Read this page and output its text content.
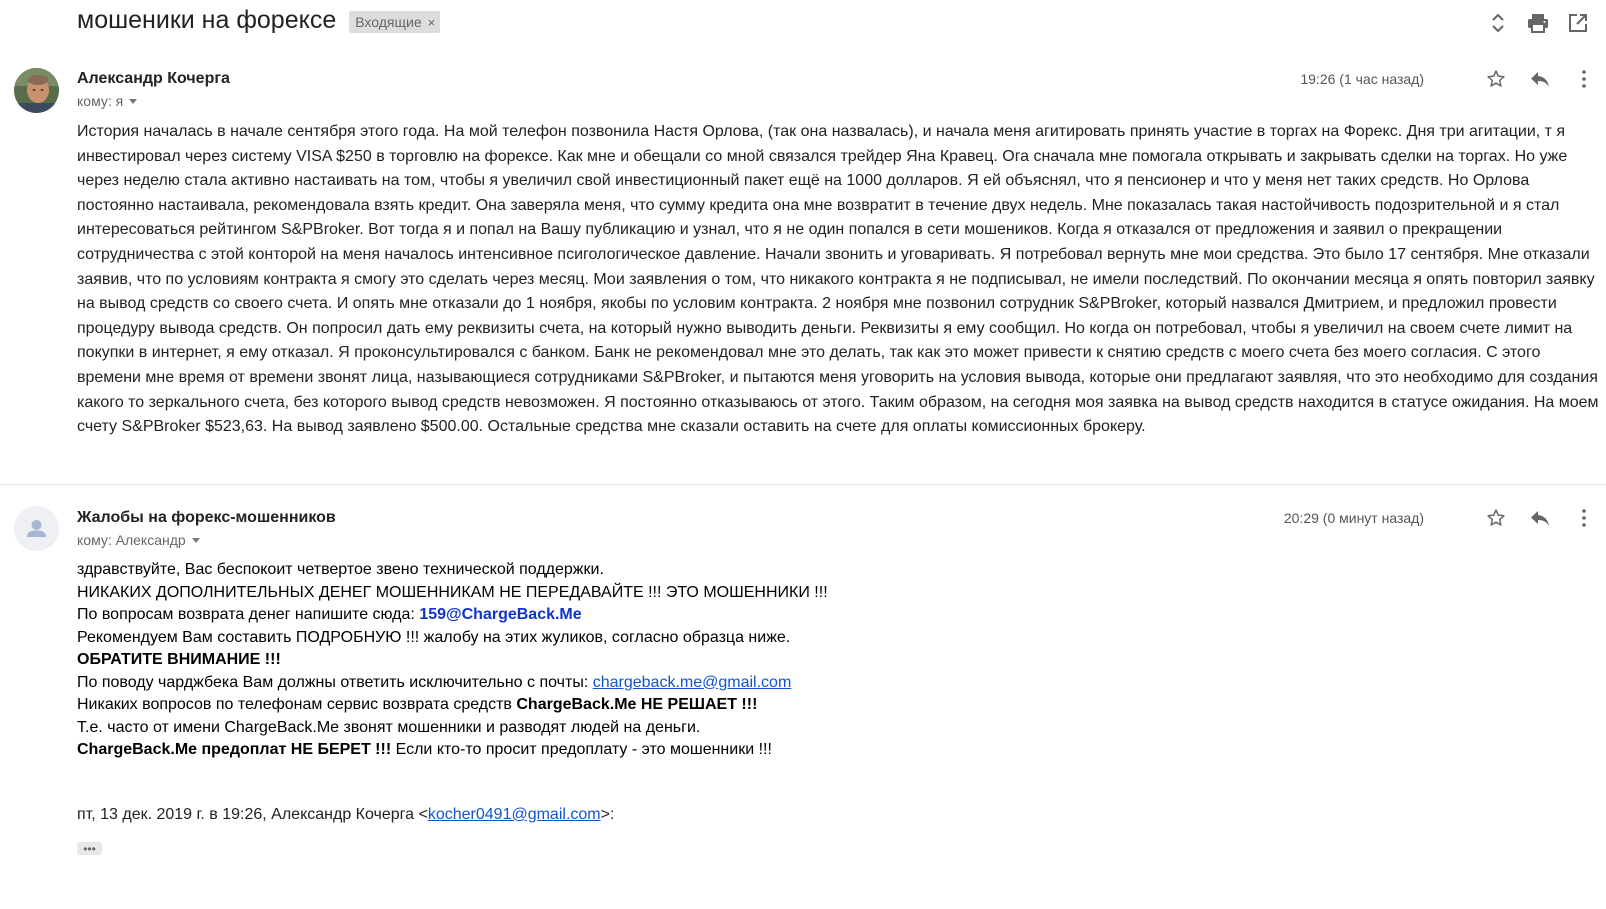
мошеники на форексе Входящие ×
Александр Кочерга
кому: я
19:26 (1 час назад)
История началась в начале сентября этого года. На мой телефон позвонила Настя Орлова, (так она назвалась), и начала меня агитировать принять участие в торгах на Форекс. Дня три агитации, т я инвестировал через систему VISA $250 в торговлю на форексе. Как мне и обещали со мной связался трейдер Яна Кравец. Ога сначала мне помогала открывать и закрывать сделки на торгах. Но уже через неделю стала активно настаивать на том, чтобы я увеличил свой инвестиционный пакет ещё на 1000 долларов. Я ей объяснял, что я пенсионер и что у меня нет таких средств. Но Орлова постоянно настаивала, рекомендовала взять кредит. Она заверяла меня, что сумму кредита она мне возвратит в течение двух недель. Мне показалась такая настойчивость подозрительной и я стал интересоваться рейтингом S&PBroker. Вот тогда я и попал на Вашу публикацию и узнал, что я не один попался в сети мошеников. Когда я отказался от предложения и заявил о прекращении сотрудничества с этой конторой на меня началось интенсивное псигологическое давление. Начали звонить и уговаривать. Я потребовал вернуть мне мои средства. Это было 17 сентября. Мне отказали заявив, что по условиям контракта я смогу это сделать через месяц. Мои заявления о том, что никакого контракта я не подписывал, не имели последствий. По окончании месяца я опять повторил заявку на вывод средств со своего счета. И опять мне отказали до 1 ноября, якобы по условим контракта. 2 ноября мне позвонил сотрудник S&PBroker, который назвался Дмитрием, и предложил провести процедуру вывода средств. Он попросил дать ему реквизиты счета, на который нужно выводить деньги. Реквизиты я ему сообщил. Но когда он потребовал, чтобы я увеличил на своем счете лимит на покупки в интернет, я ему отказал. Я проконсультировался с банком. Банк не рекомендовал мне это делать, так как это может привести к снятию средств с моего счета без моего согласия. С этого времени мне время от времени звонят лица, называющиеся сотрудниками S&PBroker, и пытаются меня уговорить на условия вывода, которые они предлагают заявляя, что это необходимо для создания какого то зеркального счета, без которого вывод средств невозможен. Я постоянно отказываюсь от этого. Таким образом, на сегодня моя заявка на вывод средств находится в статусе ожидания. На моем счету S&PBroker $523,63. На вывод заявлено $500.00. Остальные средства мне сказали оставить на счете для оплаты комиссионных брокеру.
Жалобы на форекс-мошенников
кому: Александр
20:29 (0 минут назад)
здравствуйте, Вас беспокоит четвертое звено технической поддержки.
НИКАКИХ ДОПОЛНИТЕЛЬНЫХ ДЕНЕГ МОШЕННИКАМ НЕ ПЕРЕДАВАЙТЕ !!! ЭТО МОШЕННИКИ !!!
По вопросам возврата денег напишите сюда: 159@ChargeBack.Me
Рекомендуем Вам составить ПОДРОБНУЮ !!! жалобу на этих жуликов, согласно образца ниже.
ОБРАТИТЕ ВНИМАНИЕ !!!
По поводу чарджбека Вам должны ответить исключительно с почты: chargeback.me@gmail.com
Никаких вопросов по телефонам сервис возврата средств ChargeBack.Me НЕ РЕШАЕТ !!!
Т.е. часто от имени ChargeBack.Me звонят мошенники и разводят людей на деньги.
ChargeBack.Me предоплат НЕ БЕРЕТ !!! Если кто-то просит предоплату - это мошенники !!!
пт, 13 дек. 2019 г. в 19:26, Александр Кочерга <kocher0491@gmail.com>:
•••
